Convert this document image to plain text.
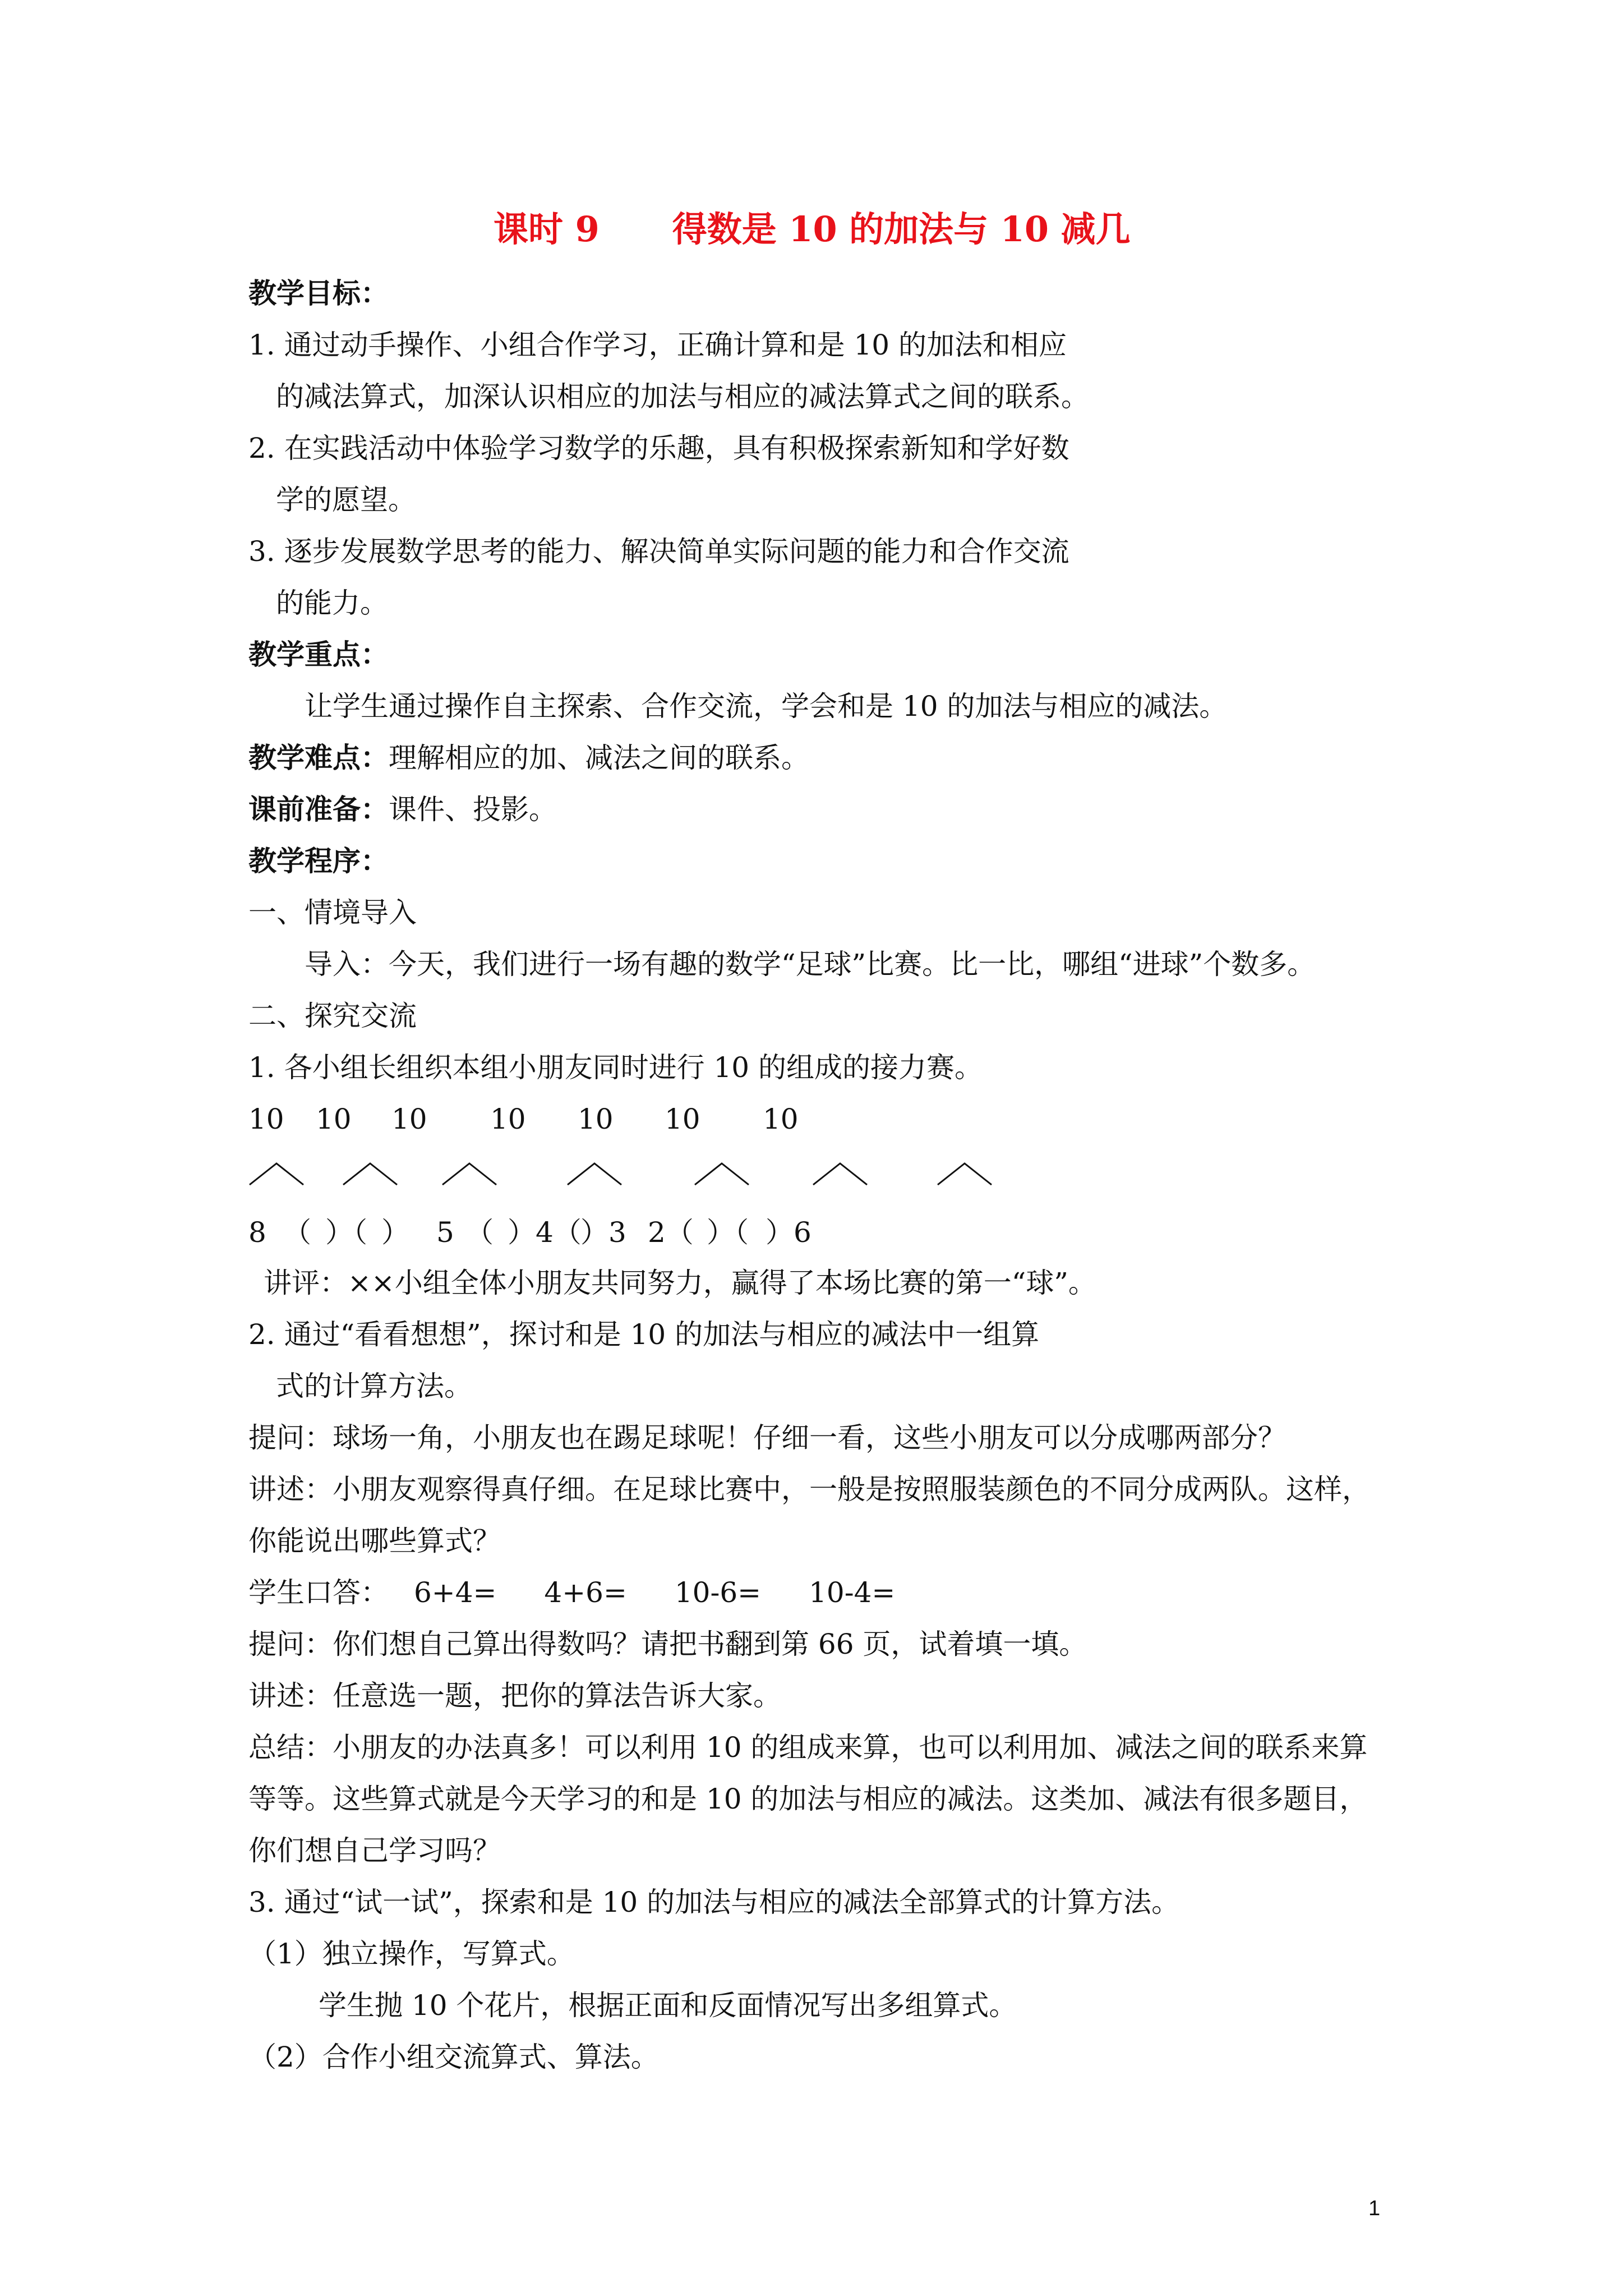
课时 9 得数是 10 的加法与 10 减几
教学目标：
1. 通过动手操作、小组合作学习，正确计算和是 10 的加法和相应
的减法算式，加深认识相应的加法与相应的减法算式之间的联系。
2. 在实践活动中体验学习数学的乐趣，具有积极探索新知和学好数
学的愿望。
3. 逐步发展数学思考的能力、解决简单实际问题的能力和合作交流
的能力。
教学重点：
让学生通过操作自主探索、合作交流，学会和是 10 的加法与相应的减法。
教学难点：理解相应的加、减法之间的联系。
课前准备：课件、投影。
教学程序：
一、情境导入
导入：今天，我们进行一场有趣的数学“足球”比赛。比一比，哪组“进球”个数多。
二、探究交流
1. 各小组长组织本组小朋友同时进行 10 的组成的接力赛。
10 10 10 10 10 10 10
8 （ ）（ ） 5 （ ）4（
）3 2（ ）（ ）6
讲评：××小组全体小朋友共同努力，赢得了本场比赛的第一“球”。
2. 通过“看看想想”，探讨和是 10 的加法与相应的减法中一组算
式的计算方法。
提问：球场一角，小朋友也在踢足球呢！仔细一看，这些小朋友可以分成哪两部分？
讲述：小朋友观察得真仔细。在足球比赛中，一般是按照服装颜色的不同分成两队。这样，
你能说出哪些算式？
学生口答： 6+4= 4+6= 10-6= 10-4=
提问：你们想自己算出得数吗？请把书翻到第 66 页，试着填一填。
讲述：任意选一题，把你的算法告诉大家。
总结：小朋友的办法真多！可以利用 10 的组成来算，也可以利用加、减法之间的联系来算
等等。这些算式就是今天学习的和是 10 的加法与相应的减法。这类加、减法有很多题目，
你们想自己学习吗？
3. 通过“试一试”，探索和是 10 的加法与相应的减法全部算式的计算方法。
（1）独立操作，写算式。
学生抛 10 个花片，根据正面和反面情况写出多组算式。
（2）合作小组交流算式、算法。
1
